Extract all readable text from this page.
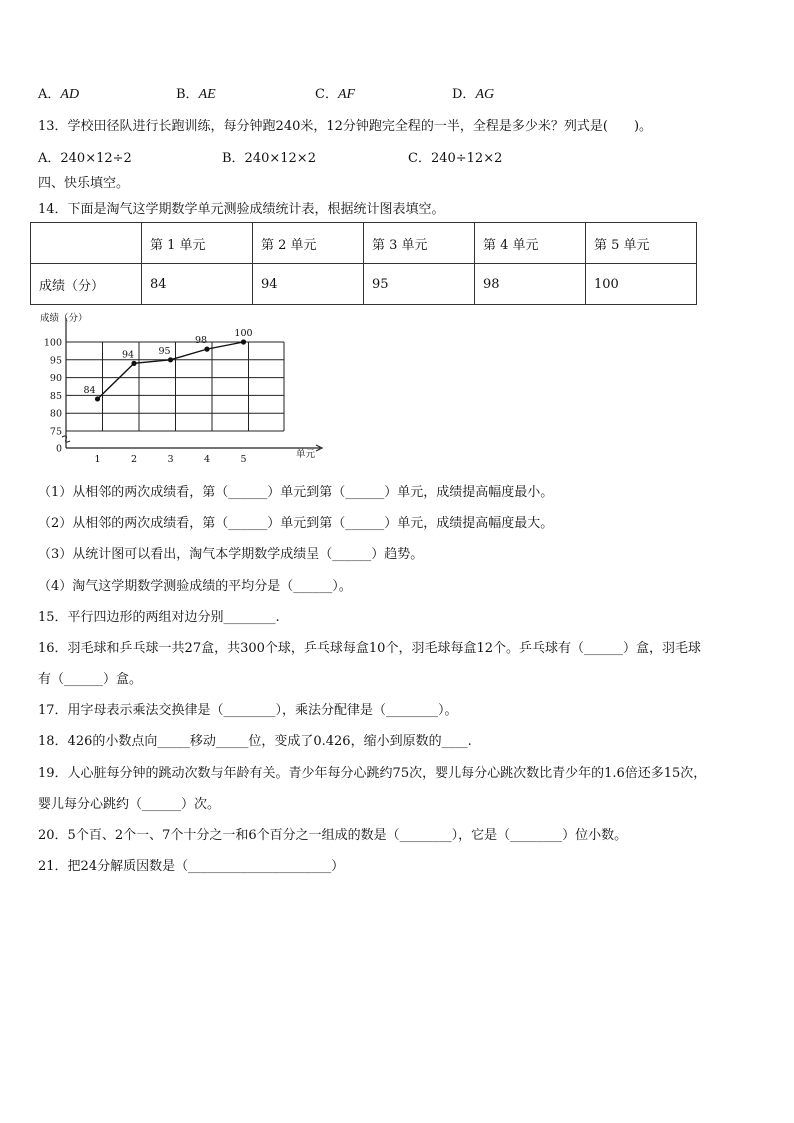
A．AD	B．AE	C．AF	D．AG
13．学校田径队进行长跑训练，每分钟跑240米，12分钟跑完全程的一半，全程是多少米？列式是(　　)。
A．240×12÷2	B．240×12×2	C．240÷12×2
四、快乐填空。
14．下面是淘气这学期数学单元测验成绩统计表，根据统计图表填空。
	第 1 单元	第 2 单元	第 3 单元	第 4 单元	第 5 单元
成绩（分）	84	94	95	98	100
0
75
80
85
90
95
100
成绩（分）
1	2	3	4	5	单元
84
94	95
98
100
（1）从相邻的两次成绩看，第（______）单元到第（______）单元，成绩提高幅度最小。
（2）从相邻的两次成绩看，第（______）单元到第（______）单元，成绩提高幅度最大。
（3）从统计图可以看出，淘气本学期数学成绩呈（______）趋势。
（4）淘气这学期数学测验成绩的平均分是（______）。
15．平行四边形的两组对边分别________.
16．羽毛球和乒乓球一共27盒，共300个球，乒乓球每盒10个，羽毛球每盒12个。乒乓球有（______）盒，羽毛球
有（______）盒。
17．用字母表示乘法交换律是（________），乘法分配律是（________）。
18．426的小数点向_____移动_____位，变成了0.426，缩小到原数的____.
19．人心脏每分钟的跳动次数与年龄有关。青少年每分心跳约75次，婴儿每分心跳次数比青少年的1.6倍还多15次，
婴儿每分心跳约（______）次。
20．5个百、2个一、7个十分之一和6个百分之一组成的数是（________），它是（________）位小数。
21．把24分解质因数是（______________________）
